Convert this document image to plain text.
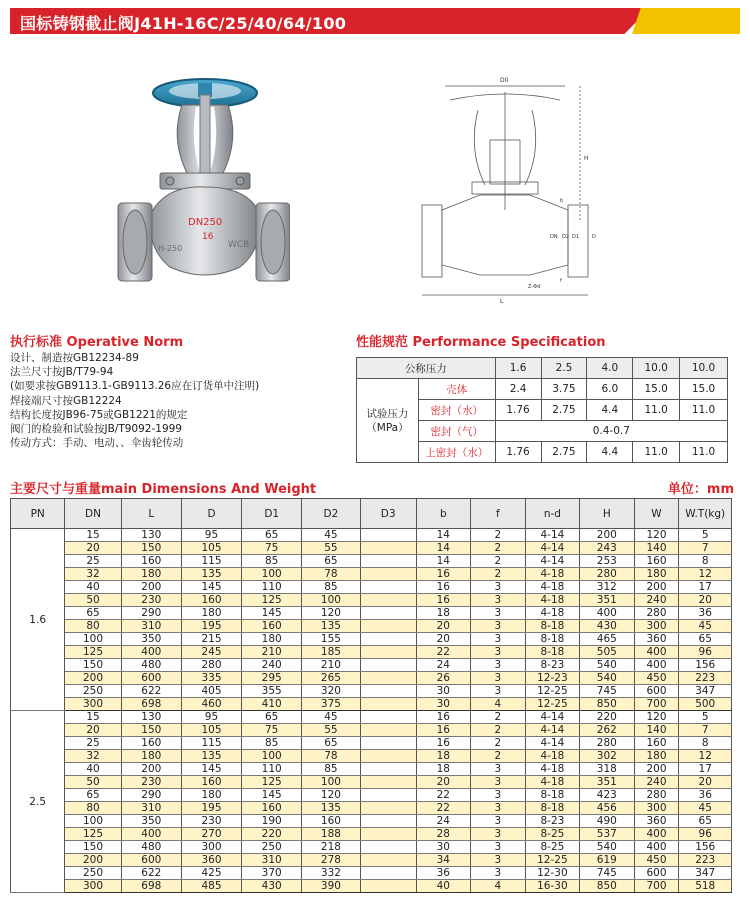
国标铸钢截止阀J41H-16C/25/40/64/100
DN250
16
WCB
H-250
D0
L
H
DN D2 D1	D
b
f
Z-Φd
执行标准 Operative Norm
设计、制造按GB12234-89
法兰尺寸按JB/T79-94
(如要求按GB9113.1-GB9113.26应在订货单中注明)
焊接端尺寸按GB12224
结构长度按JB96-75或GB1221的规定
阀门的检验和试验按JB/T9092-1999
传动方式：手动、电动、、伞齿轮传动
性能规范 Performance Specification
公称压力		1.6	2.5	4.0	10.0	10.0
试验压力（MPa）	壳体	2.4	3.75	6.0	15.0	15.0
	密封（水）	1.76	2.75	4.4	11.0	11.0
	密封（气）	0.4-0.7				
	上密封（水）	1.76	2.75	4.4	11.0	11.0
主要尺寸与重量main Dimensions And Weight	单位：mm
PN	DN	L	D	D1	D2	D3	b	f	n-d	H	W	W.T(kg)
1.6	15	130	95	65	45		14	2	4-14	200	120	5
	20	150	105	75	55		14	2	4-14	243	140	7
	25	160	115	85	65		14	2	4-14	253	160	8
	32	180	135	100	78		16	2	4-18	280	180	12
	40	200	145	110	85		16	3	4-18	312	200	17
	50	230	160	125	100		16	3	4-18	351	240	20
	65	290	180	145	120		18	3	4-18	400	280	36
	80	310	195	160	135		20	3	8-18	430	300	45
	100	350	215	180	155		20	3	8-18	465	360	65
	125	400	245	210	185		22	3	8-18	505	400	96
	150	480	280	240	210		24	3	8-23	540	400	156
	200	600	335	295	265		26	3	12-23	540	450	223
	250	622	405	355	320		30	3	12-25	745	600	347
	300	698	460	410	375		30	4	12-25	850	700	500
2.5	15	130	95	65	45		16	2	4-14	220	120	5
	20	150	105	75	55		16	2	4-14	262	140	7
	25	160	115	85	65		16	2	4-14	280	160	8
	32	180	135	100	78		18	2	4-18	302	180	12
	40	200	145	110	85		18	3	4-18	318	200	17
	50	230	160	125	100		20	3	4-18	351	240	20
	65	290	180	145	120		22	3	8-18	423	280	36
	80	310	195	160	135		22	3	8-18	456	300	45
	100	350	230	190	160		24	3	8-23	490	360	65
	125	400	270	220	188		28	3	8-25	537	400	96
	150	480	300	250	218		30	3	8-25	540	400	156
	200	600	360	310	278		34	3	12-25	619	450	223
	250	622	425	370	332		36	3	12-30	745	600	347
	300	698	485	430	390		40	4	16-30	850	700	518
